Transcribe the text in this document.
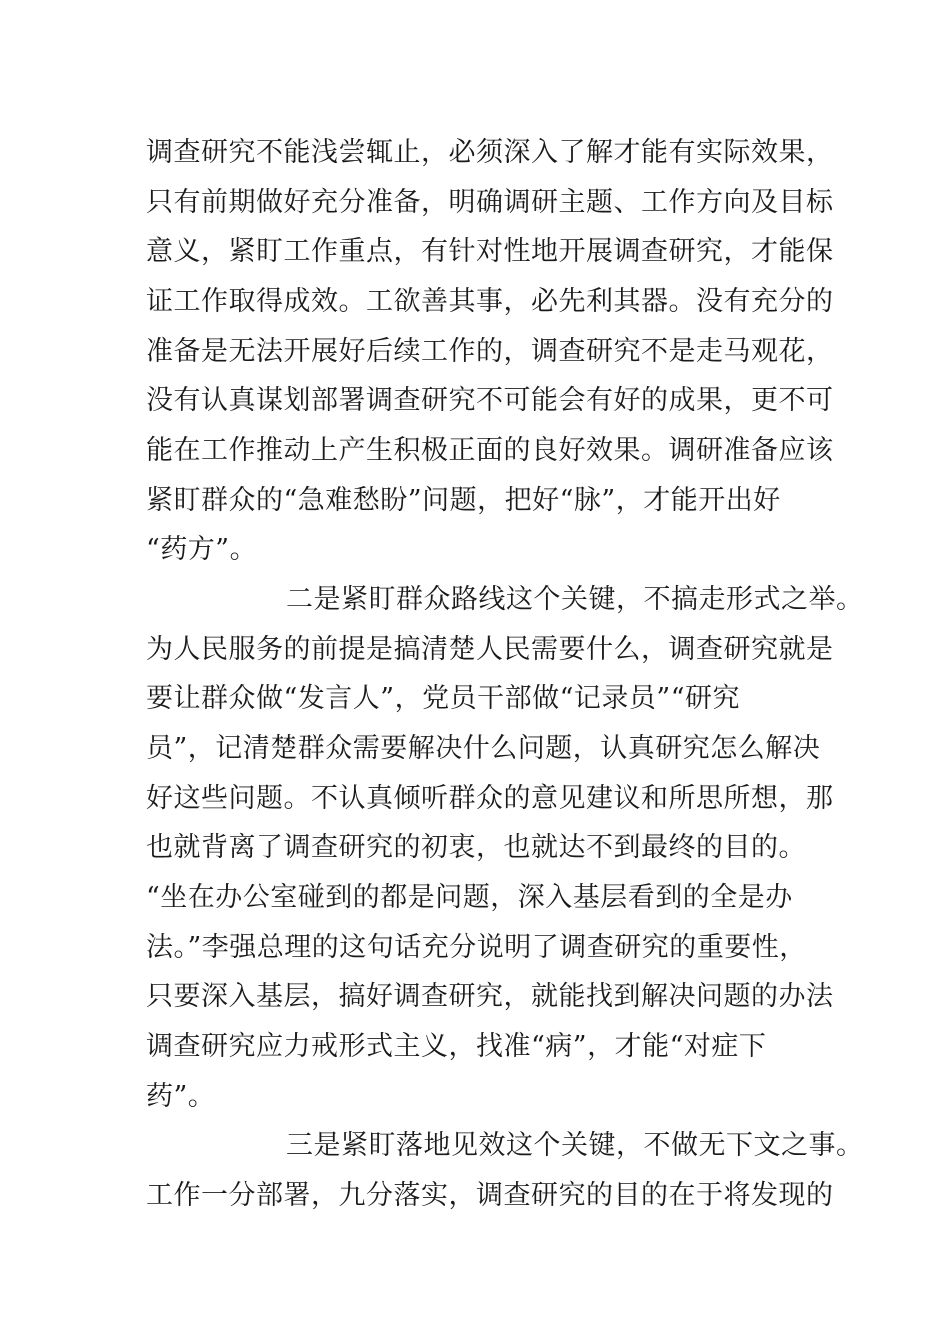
调查研究不能浅尝辄止，必须深入了解才能有实际效果，
只有前期做好充分准备，明确调研主题、工作方向及目标
意义，紧盯工作重点，有针对性地开展调查研究，才能保
证工作取得成效。工欲善其事，必先利其器。没有充分的
准备是无法开展好后续工作的，调查研究不是走马观花，
没有认真谋划部署调查研究不可能会有好的成果，更不可
能在工作推动上产生积极正面的良好效果。调研准备应该
紧盯群众的“急难愁盼”问题，把好“脉”，才能开出好
“药方”。
二是紧盯群众路线这个关键，不搞走形式之举。
为人民服务的前提是搞清楚人民需要什么，调查研究就是
要让群众做“发言人”，党员干部做“记录员”“研究
员”，记清楚群众需要解决什么问题，认真研究怎么解决
好这些问题。不认真倾听群众的意见建议和所思所想，那
也就背离了调查研究的初衷，也就达不到最终的目的。
“坐在办公室碰到的都是问题，深入基层看到的全是办
法。”李强总理的这句话充分说明了调查研究的重要性，
只要深入基层，搞好调查研究，就能找到解决问题的办法
调查研究应力戒形式主义，找准“病”，才能“对症下
药”。
三是紧盯落地见效这个关键，不做无下文之事。
工作一分部署，九分落实，调查研究的目的在于将发现的
